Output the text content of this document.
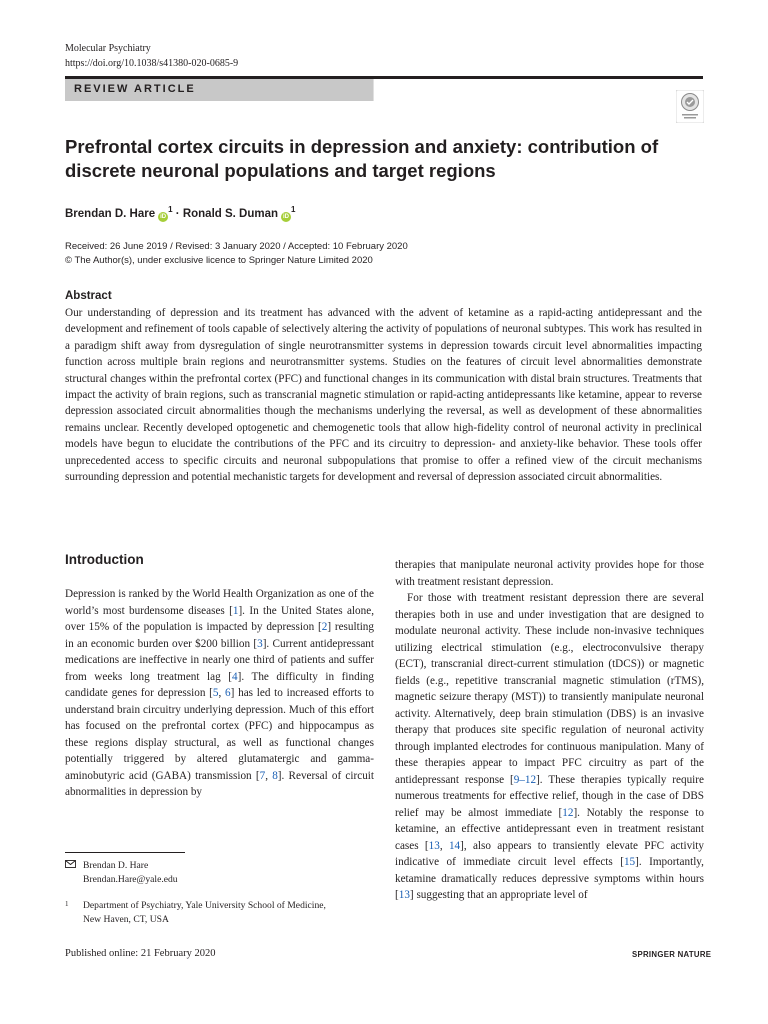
Molecular Psychiatry
https://doi.org/10.1038/s41380-020-0685-9
REVIEW ARTICLE
Prefrontal cortex circuits in depression and anxiety: contribution of
discrete neuronal populations and target regions
Brendan D. Hare $iD^1$ · Ronald S. Duman $iD^1$
Received: 26 June 2019 / Revised: 3 January 2020 / Accepted: 10 February 2020
© The Author(s), under exclusive licence to Springer Nature Limited 2020
Abstract

Our understanding of depression and its treatment has advanced with the advent of ketamine as a rapid-acting antidepressant and the development and refinement of tools capable of selectively altering the activity of populations of neuronal subtypes. This work has resulted in a paradigm shift away from dysregulation of single neurotransmitter systems in depression towards circuit level abnormalities impacting function across multiple brain regions and neurotransmitter systems. Studies on the features of circuit level abnormalities demonstrate structural changes within the prefrontal cortex (PFC) and functional changes in its communication with distal brain structures. Treatments that impact the activity of brain regions, such as transcranial magnetic stimulation or rapid-acting antidepressants like ketamine, appear to reverse depression associated circuit abnormalities though the mechanisms underlying the reversal, as well as development of these abnormalities remains unclear. Recently developed optogenetic and chemogenetic tools that allow high-fidelity control of neuronal activity in preclinical models have begun to elucidate the contributions of the PFC and its circuitry to depression- and anxiety-like behavior. These tools offer unprecedented access to specific circuits and neuronal subpopulations that promise to offer a refined view of the circuit mechanisms surrounding depression and potential mechanistic targets for development and reversal of depression associated circuit abnormalities.

Introduction

Depression is ranked by the World Health Organization as one of the world’s most burdensome diseases [1]. In the United States alone, over 15% of the population is impacted by depression [2] resulting in an economic burden over $200 billion [3]. Current antidepressant medications are ineffective in nearly one third of patients and suffer from weeks long treatment lag [4]. The difficulty in finding candidate genes for depression [5, 6] has led to increased efforts to understand brain circuitry underlying depression. Much of this effort has focused on the prefrontal cortex (PFC) and hippocampus as these regions display structural, as well as functional changes potentially triggered by altered glutamatergic and gamma-aminobutyric acid (GABA) transmission [7, 8]. Reversal of circuit abnormalities in depression by

therapies that manipulate neuronal activity provides hope for those with treatment resistant depression.

For those with treatment resistant depression there are several therapies both in use and under investigation that are designed to modulate neuronal activity. These include non-invasive techniques utilizing electrical stimulation (e.g., electroconvulsive therapy (ECT), transcranial direct-current stimulation (tDCS)) or magnetic fields (e.g., repetitive transcranial magnetic stimulation (rTMS), magnetic seizure therapy (MST)) to transiently manipulate neuronal activity. Alternatively, deep brain stimulation (DBS) is an invasive therapy that produces site specific regulation of neuronal activity through implanted electrodes for continuous manipulation. Many of these therapies appear to impact PFC circuitry as part of the antidepressant response [9–12]. These therapies typically require numerous treatments for effective relief, though in the case of DBS relief may be almost immediate [12]. Notably the response to ketamine, an effective antidepressant even in treatment resistant cases [13, 14], also appears to transiently elevate PFC activity indicative of immediate circuit level effects [15]. Importantly, ketamine dramatically reduces depressive symptoms within hours [13] suggesting that an appropriate level of

Brendan D. Hare
Brendan.Hare@yale.edu
1 Department of Psychiatry, Yale University School of Medicine,
New Haven, CT, USA
Published online: 21 February 2020	SPRINGER NATURE
